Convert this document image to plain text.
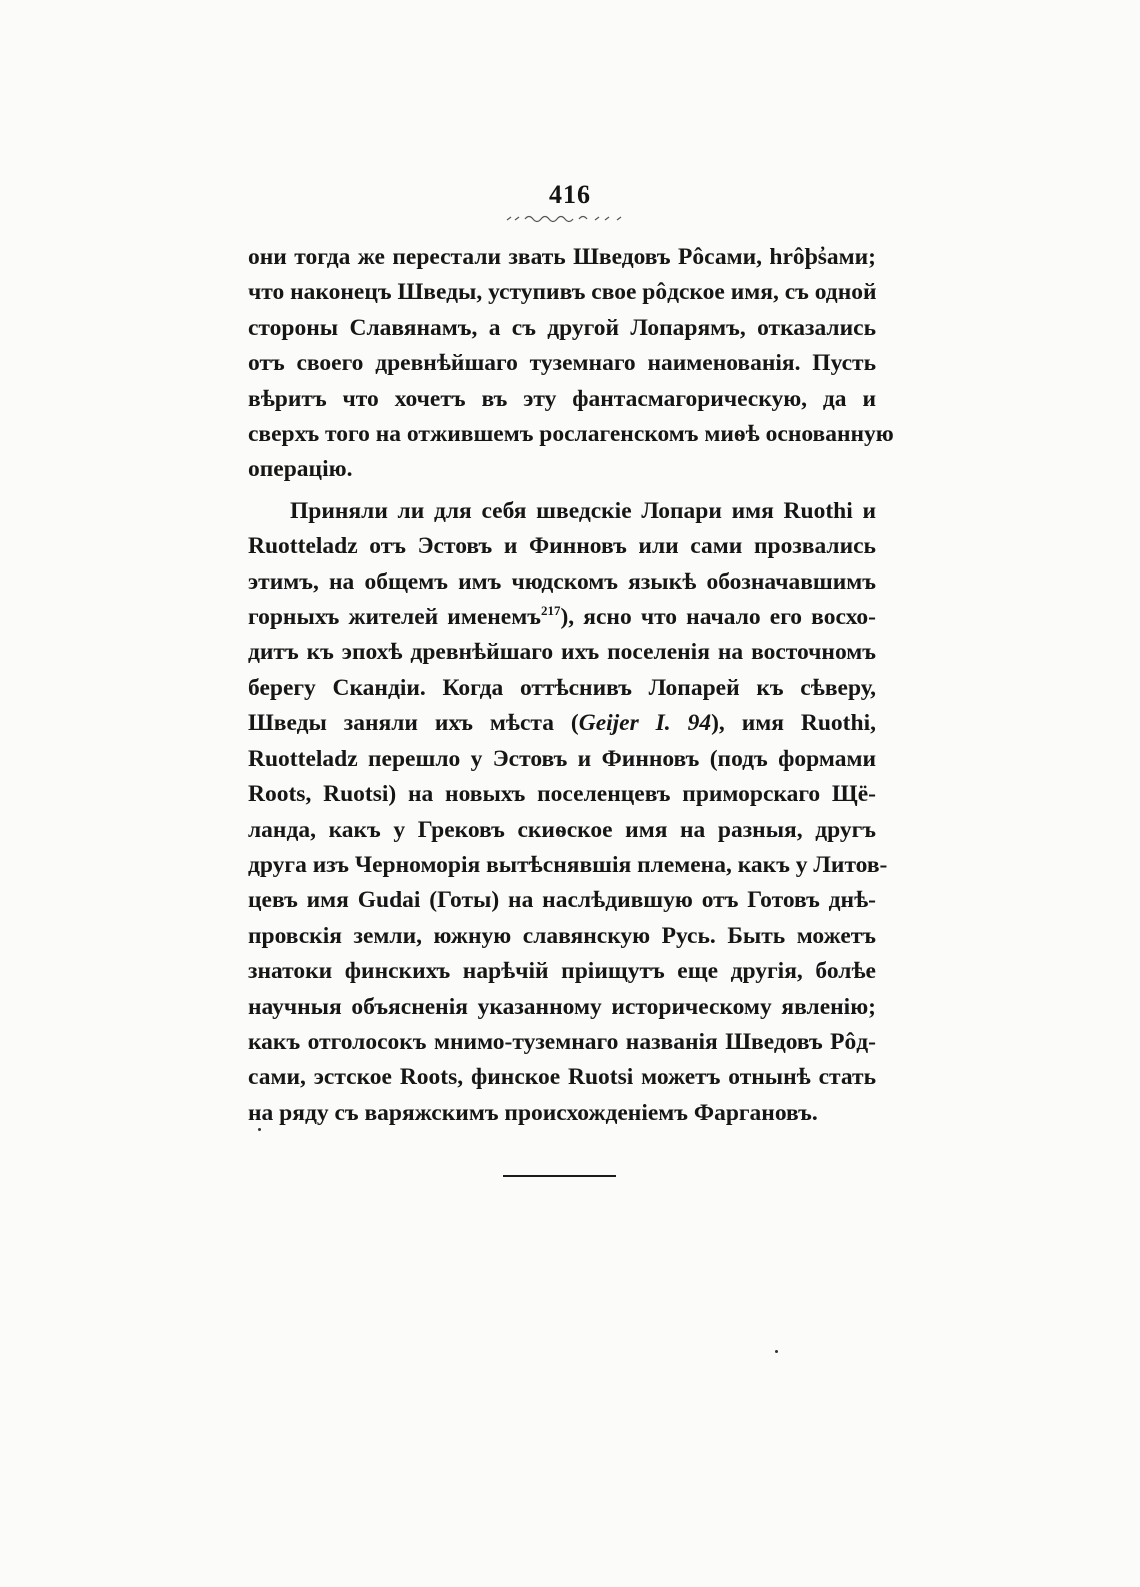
416

они тогда же перестали звать Шведовъ Рôсами, hrôþs̓ами;
что наконецъ Шведы, уступивъ свое рôдское имя, съ одной
стороны Славянамъ, а съ другой Лопарямъ, отказались
отъ своего древнѣйшаго туземнаго наименованія. Пусть
вѣритъ что хочетъ въ эту фантасмагорическую, да и
сверхъ того на отжившемъ рослагенскомъ миѳѣ основанную
операцію.

Приняли ли для себя шведскіе Лопари имя Ruothi и
Ruotteladz отъ Эстовъ и Финновъ или сами прозвались
этимъ, на общемъ имъ чюдскомъ языкѣ обозначавшимъ
горныхъ жителей именемъ$^{217}$), ясно что начало его восхо-
дитъ къ эпохѣ древнѣйшаго ихъ поселенія на восточномъ
берегу Скандіи. Когда оттѣснивъ Лопарей къ сѣверу,
Шведы заняли ихъ мѣста (Geijer I. 94), имя Ruothi,
Ruotteladz перешло у Эстовъ и Финновъ (подъ формами
Roots, Ruotsi) на новыхъ поселенцевъ приморскаго Щё-
ланда, какъ у Грековъ скиѳское имя на разныя, другъ
друга изъ Черноморія вытѣснявшія племена, какъ у Литов-
цевъ имя Gudai (Готы) на наслѣдившую отъ Готовъ днѣ-
провскія земли, южную славянскую Русь. Быть можетъ
знатоки финскихъ нарѣчій пріищутъ еще другія, болѣе
научныя объясненія указанному историческому явленію;
какъ отголосокъ мнимо-туземнаго названія Шведовъ Рôд-
сами, эстское Roots, финское Ruotsi можетъ отнынѣ стать
на ряду съ варяжскимъ происхожденіемъ Фаргановъ.
